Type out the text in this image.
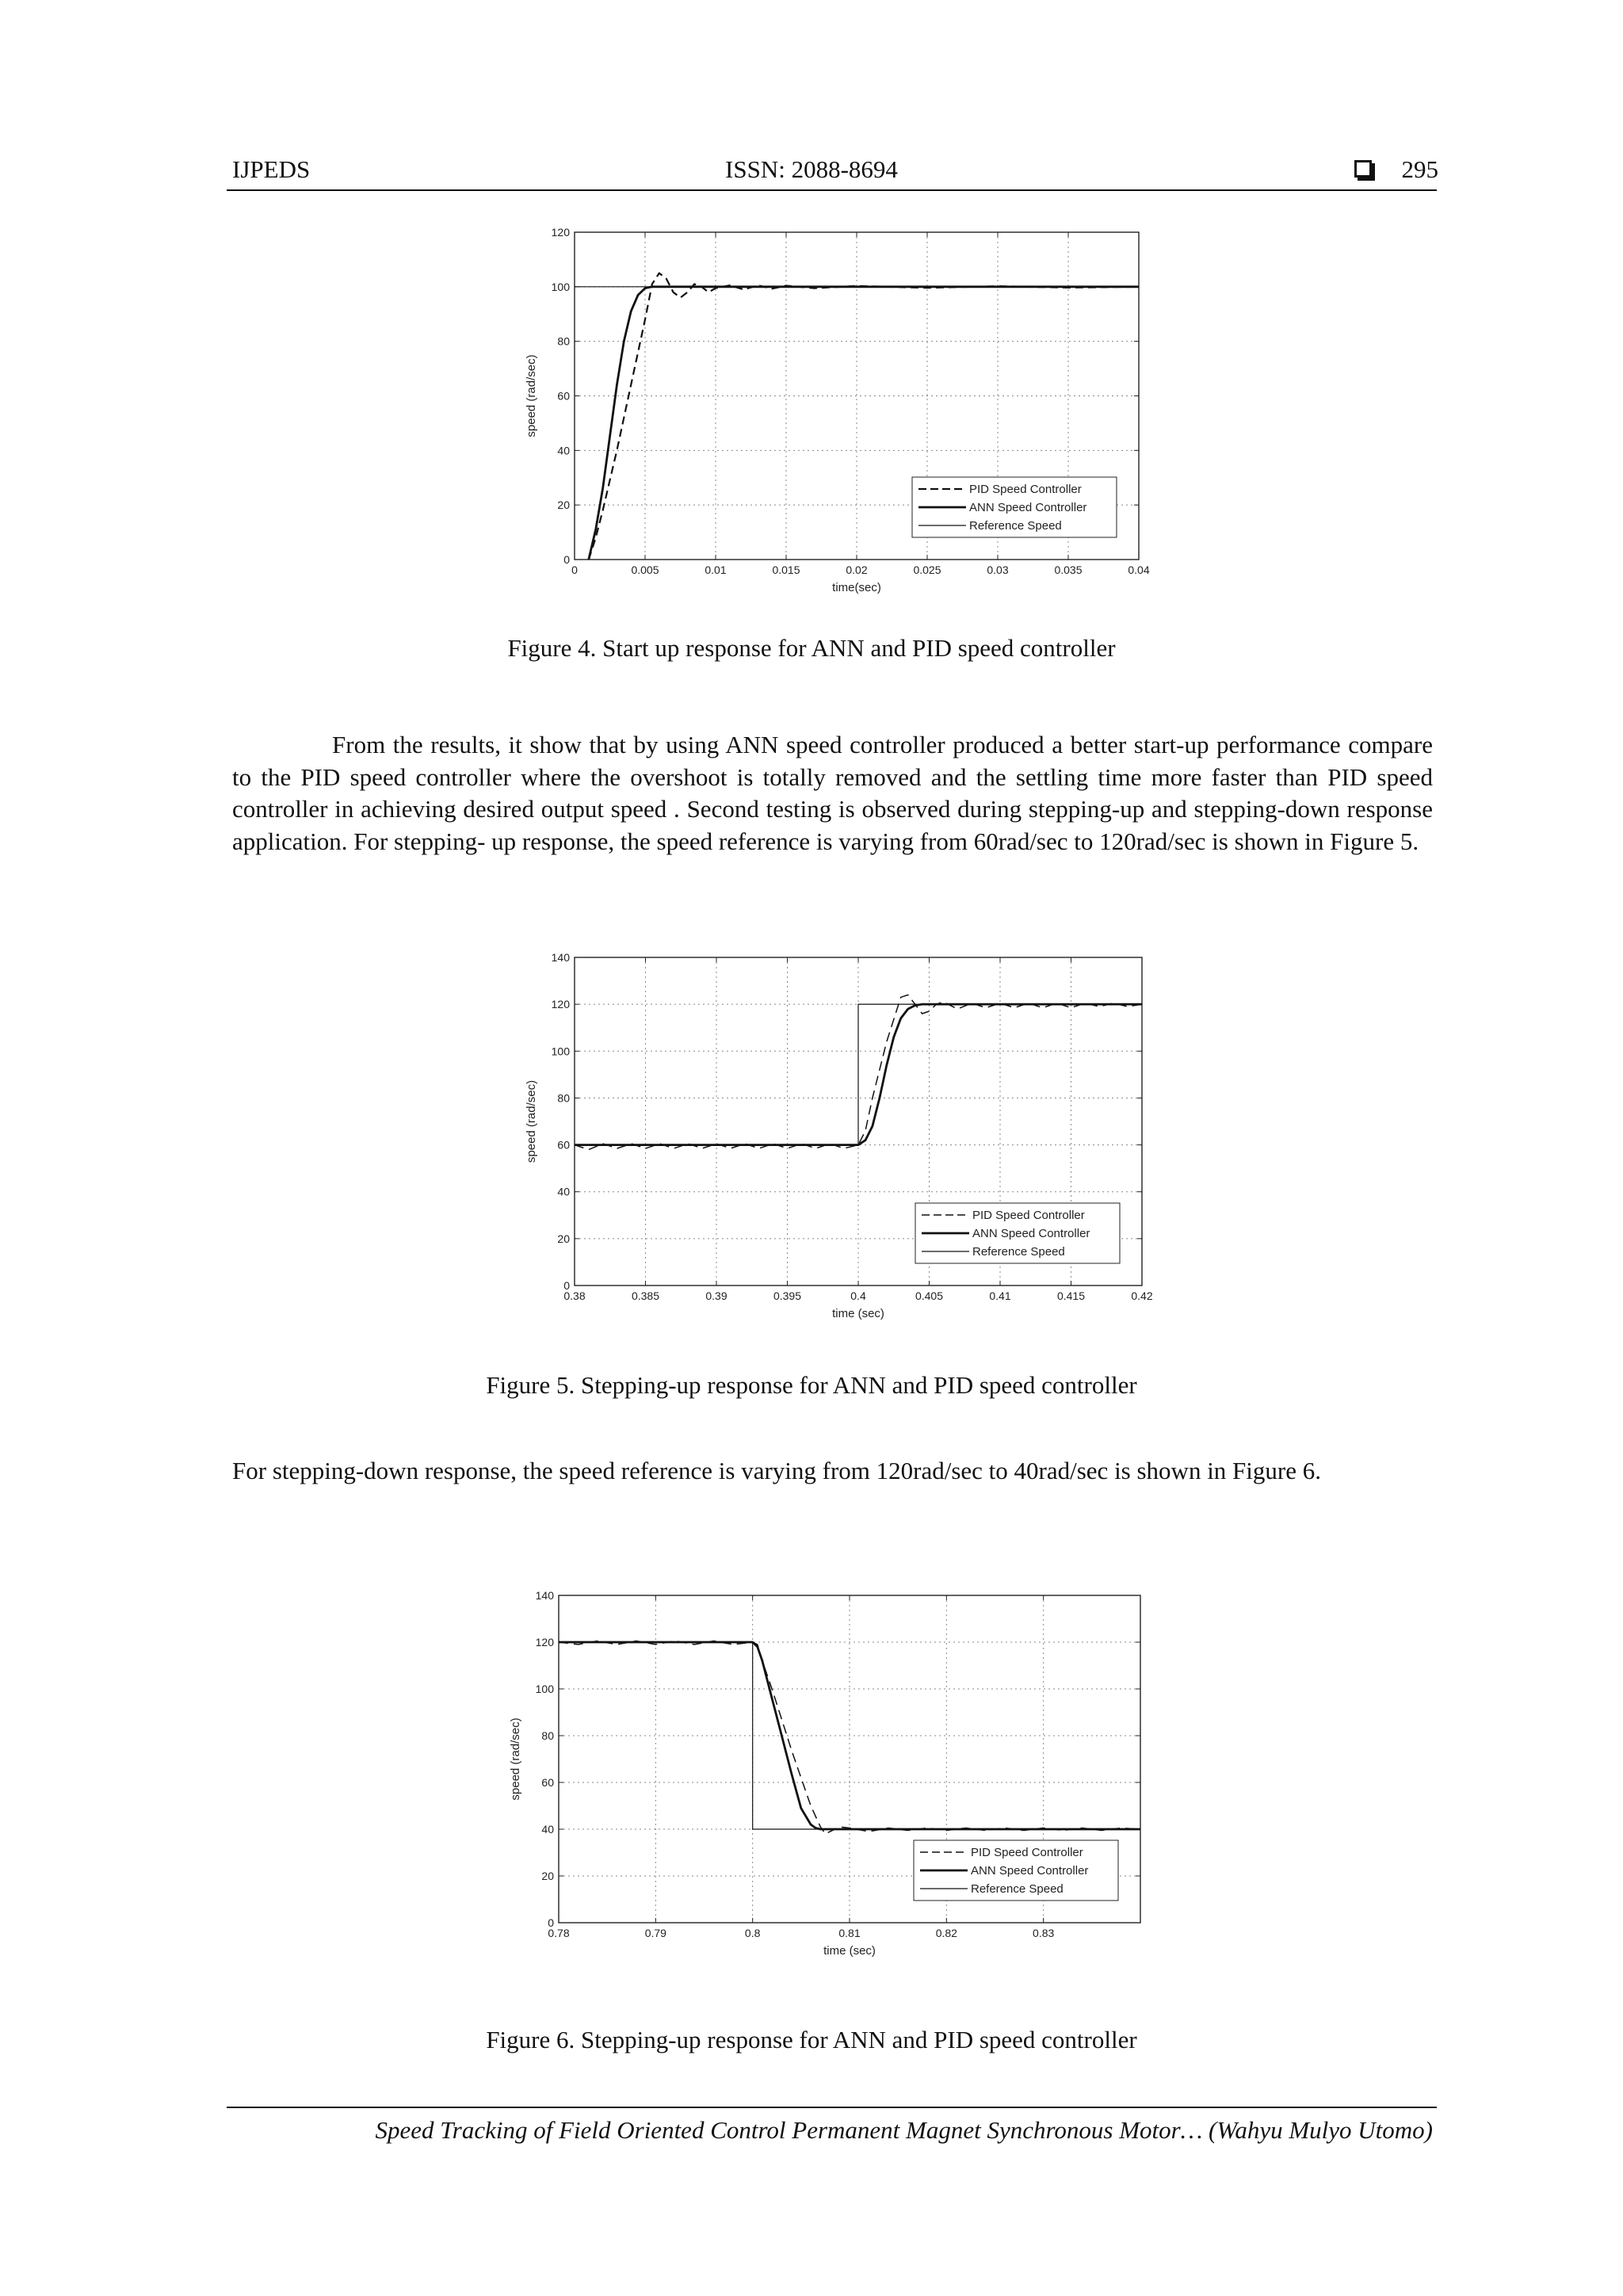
IJPEDS	ISSN: 2088-8694	295
0	0.005	0.01	0.015	0.02	0.025	0.03	0.035	0.04
0
20
40
60
80
100
120
time(sec)
speed (rad/sec)
PID Speed Controller
ANN Speed Controller
Reference Speed
Figure 4. Start up response for ANN and PID speed controller

From the results, it show that by using ANN speed controller produced a better start-up performance compare to the PID speed controller where the overshoot is totally removed and the settling time more faster than PID speed controller in achieving desired output speed . Second testing is observed during stepping-up and stepping-down response application. For stepping- up response, the speed reference is varying from 60rad/sec to 120rad/sec is shown in Figure 5.

0.38	0.385	0.39	0.395	0.4	0.405	0.41	0.415	0.42
0
20
40
60
80
100
120
140
time (sec)
speed (rad/sec)
PID Speed Controller
ANN Speed Controller
Reference Speed
Figure 5. Stepping-up response for ANN and PID speed controller

For stepping-down response, the speed reference is varying from 120rad/sec to 40rad/sec is shown in Figure 6.

0.78	0.79	0.8	0.81	0.82	0.83
0
20
40
60
80
100
120
140
time (sec)
speed (rad/sec)
PID Speed Controller
ANN Speed Controller
Reference Speed
Figure 6. Stepping-up response for ANN and PID speed controller
Speed Tracking of Field Oriented Control Permanent Magnet Synchronous Motor… (Wahyu Mulyo Utomo)
